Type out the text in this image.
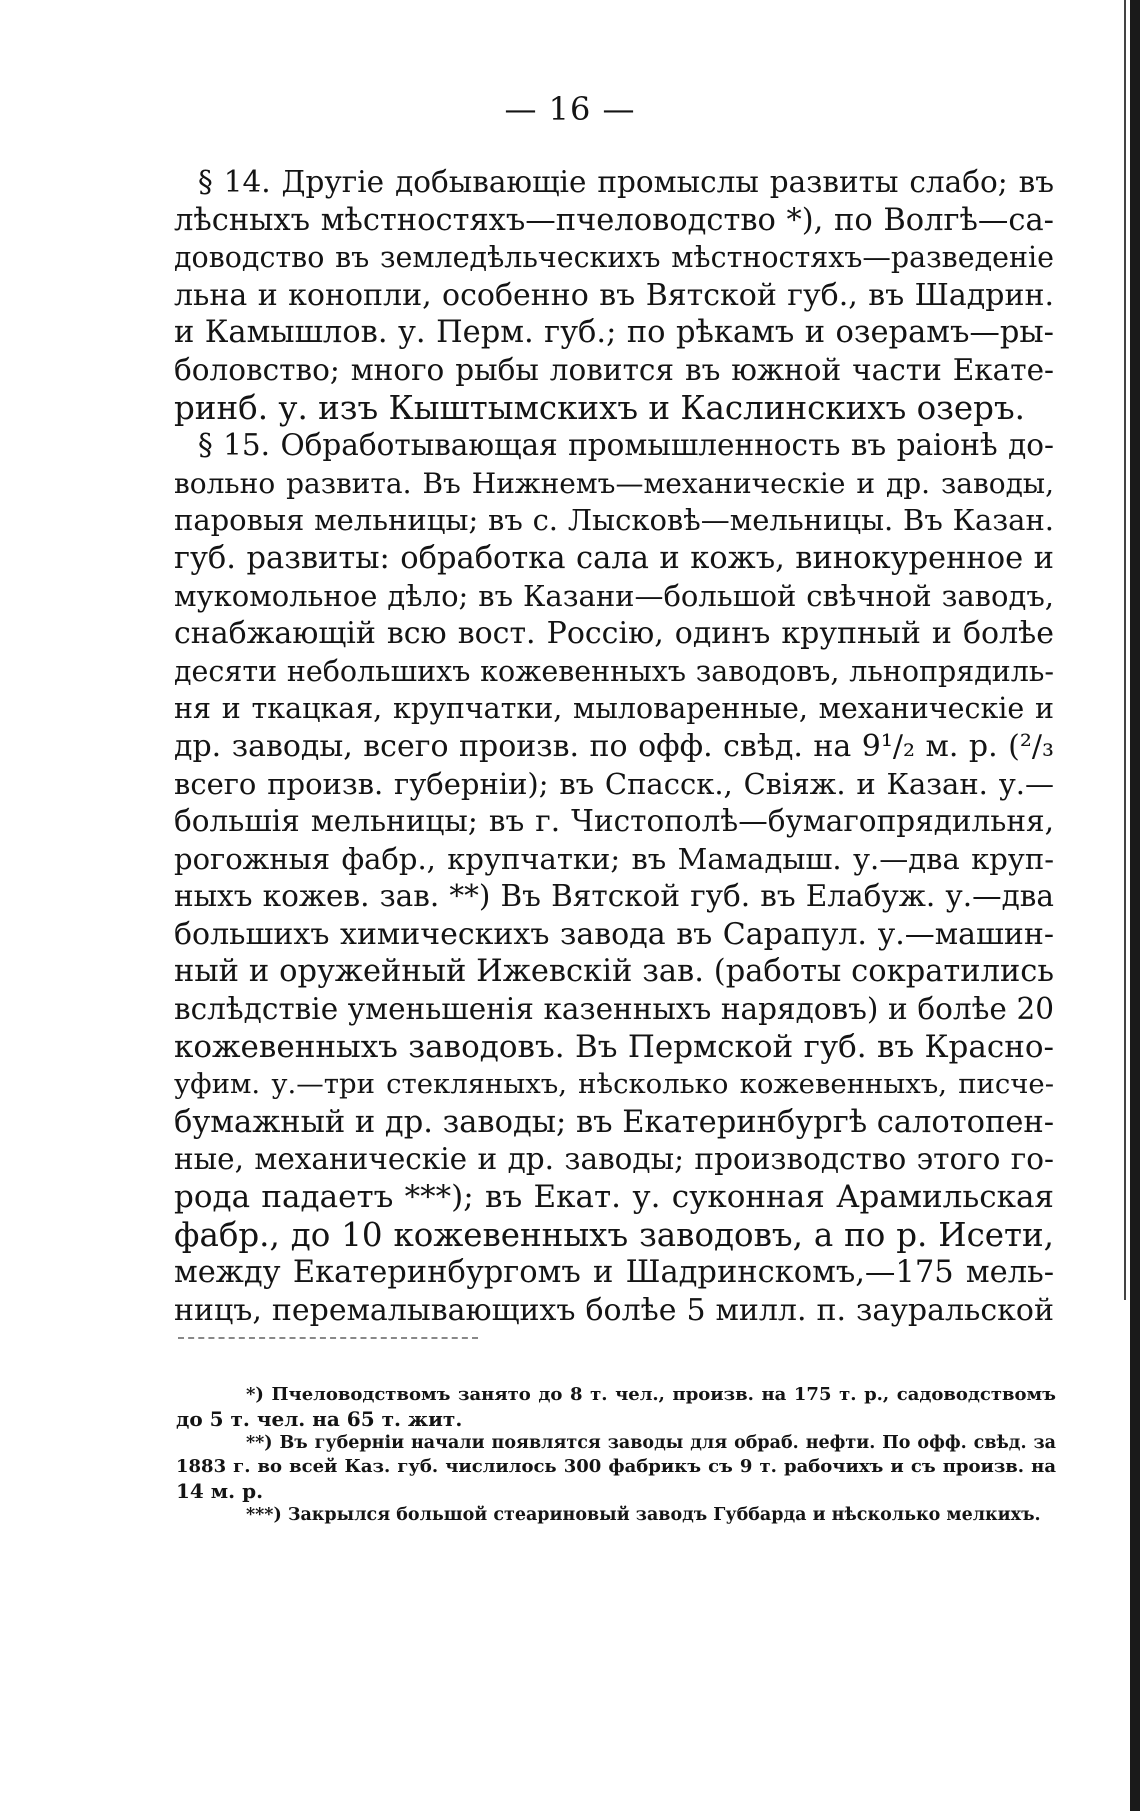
— 16 —
§ 14. Другіе добывающіе промыслы развиты слабо; въ
лѣсныхъ мѣстностяхъ—пчеловодство *), по Волгѣ—са-
доводство въ земледѣльческихъ мѣстностяхъ—разведеніе
льна и конопли, особенно въ Вятской губ., въ Шадрин.
и Камышлов. у. Перм. губ.; по рѣкамъ и озерамъ—ры-
боловство; много рыбы ловится въ южной части Екате-
ринб. у. изъ Кыштымскихъ и Каслинскихъ озеръ.
§ 15. Обработывающая промышленность въ раіонѣ до-
вольно развита. Въ Нижнемъ—механическіе и др. заводы,
паровыя мельницы; въ с. Лысковѣ—мельницы. Въ Казан.
губ. развиты: обработка сала и кожъ, винокуренное и
мукомольное дѣло; въ Казани—большой свѣчной заводъ,
снабжающій всю вост. Россію, одинъ крупный и болѣе
десяти небольшихъ кожевенныхъ заводовъ, льнопрядиль-
ня и ткацкая, крупчатки, мыловаренные, механическіе и
др. заводы, всего произв. по офф. свѣд. на 9¹/₂ м. р. (²/₃
всего произв. губерніи); въ Спасск., Свіяж. и Казан. у.—
большія мельницы; въ г. Чистополѣ—бумагопрядильня,
рогожныя фабр., крупчатки; въ Мамадыш. у.—два круп-
ныхъ кожев. зав. **) Въ Вятской губ. въ Елабуж. у.—два
большихъ химическихъ завода въ Сарапул. у.—машин-
ный и оружейный Ижевскій зав. (работы сократились
вслѣдствіе уменьшенія казенныхъ нарядовъ) и болѣе 20
кожевенныхъ заводовъ. Въ Пермской губ. въ Красно-
уфим. у.—три стекляныхъ, нѣсколько кожевенныхъ, писче-
бумажный и др. заводы; въ Екатеринбургѣ салотопен-
ные, механическіе и др. заводы; производство этого го-
рода падаетъ ***); въ Екат. у. суконная Арамильская
фабр., до 10 кожевенныхъ заводовъ, а по р. Исети,
между Екатеринбургомъ и Шадринскомъ,—175 мель-
ницъ, перемалывающихъ болѣе 5 милл. п. зауральской
*) Пчеловодствомъ занято до 8 т. чел., произв. на 175 т. р., садоводствомъ
до 5 т. чел. на 65 т. жит.
**) Въ губерніи начали появлятся заводы для обраб. нефти. По офф. свѣд. за
1883 г. во всей Каз. губ. числилось 300 фабрикъ съ 9 т. рабочихъ и съ произв. на
14 м. р.
***) Закрылся большой стеариновый заводъ Губбарда и нѣсколько мелкихъ.
